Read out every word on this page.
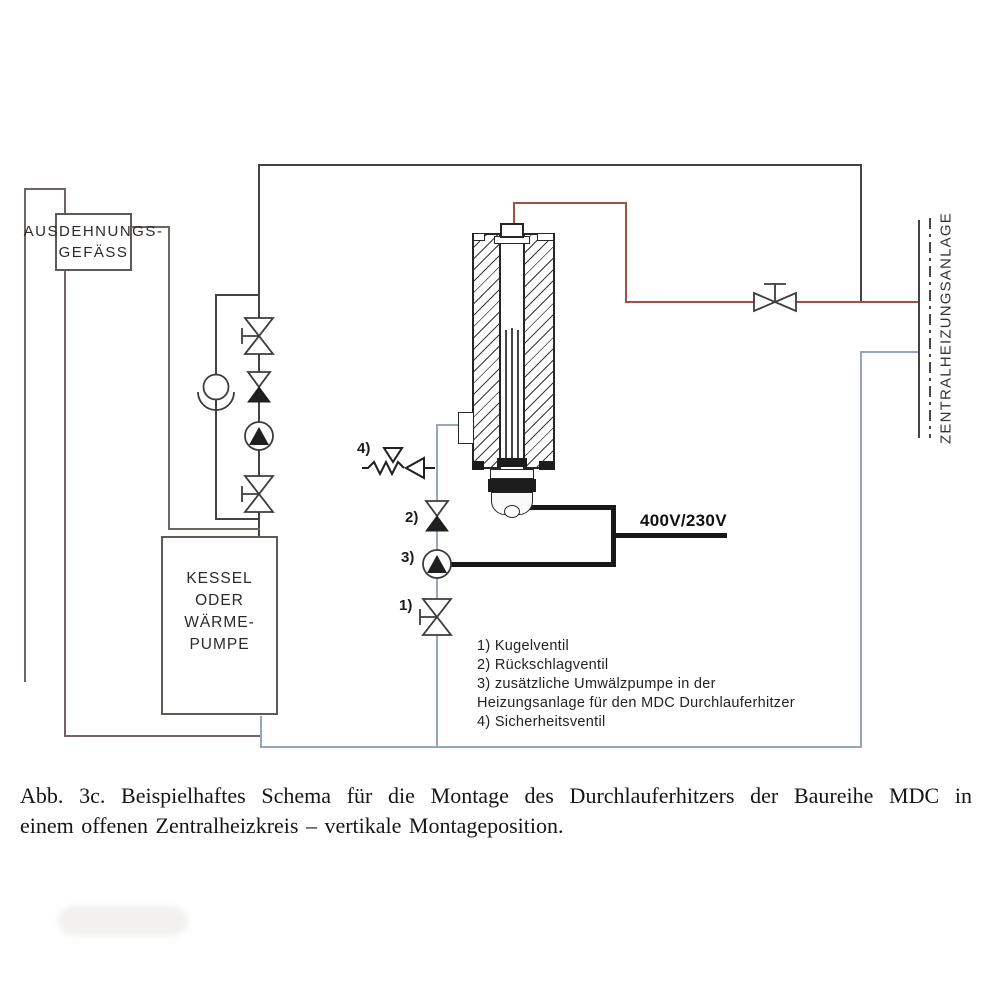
400V/230V
ZENTRALHEIZUNGSANLAGE
AUSDEHNUNGS-
GEFÄSS
KESSEL
ODER
WÄRME-
PUMPE
4)
2)
3)
1)
1) Kugelventil
2) Rückschlagventil
3) zusätzliche Umwälzpumpe in der
Heizungsanlage für den MDC Durchlauferhitzer
4) Sicherheitsventil
Abb. 3c. Beispielhaftes Schema für die Montage des Durchlauferhitzers der Baureihe MDC in
einem offenen Zentralheizkreis – vertikale Montageposition.
